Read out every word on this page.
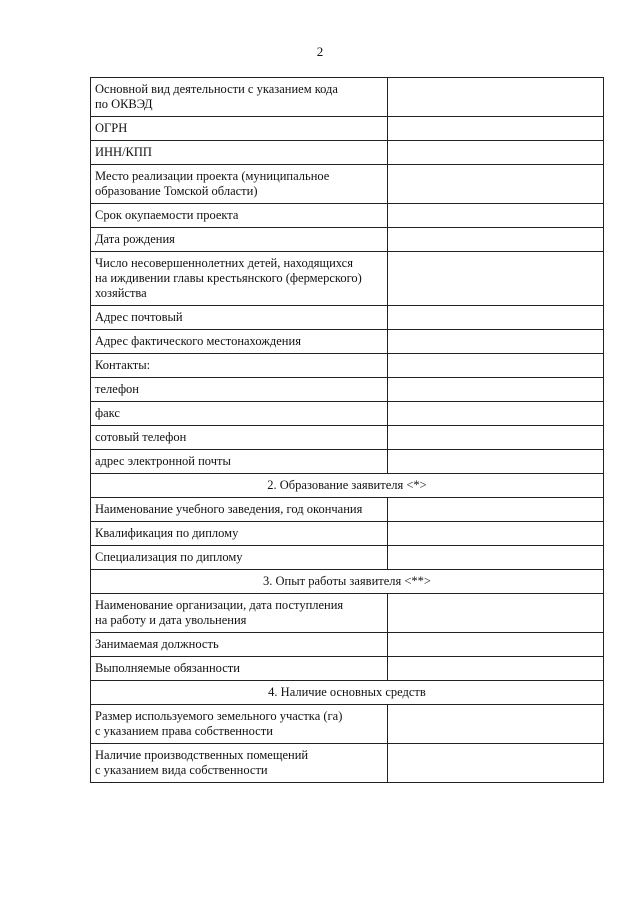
2
Основной вид деятельности с указанием кода
по ОКВЭД	
ОГРН	
ИНН/КПП	
Место реализации проекта (муниципальное
образование Томской области)	
Срок окупаемости проекта	
Дата рождения	
Число несовершеннолетних детей, находящихся
на иждивении главы крестьянского (фермерского)
хозяйства	
Адрес почтовый	
Адрес фактического местонахождения	
Контакты:	
телефон	
факс	
сотовый телефон	
адрес электронной почты	
2. Образование заявителя <*>	
Наименование учебного заведения, год окончания	
Квалификация по диплому	
Специализация по диплому	
3. Опыт работы заявителя <**>	
Наименование организации, дата поступления
на работу и дата увольнения	
Занимаемая должность	
Выполняемые обязанности	
4. Наличие основных средств	
Размер используемого земельного участка (га)
с указанием права собственности	
Наличие производственных помещений
с указанием вида собственности	
